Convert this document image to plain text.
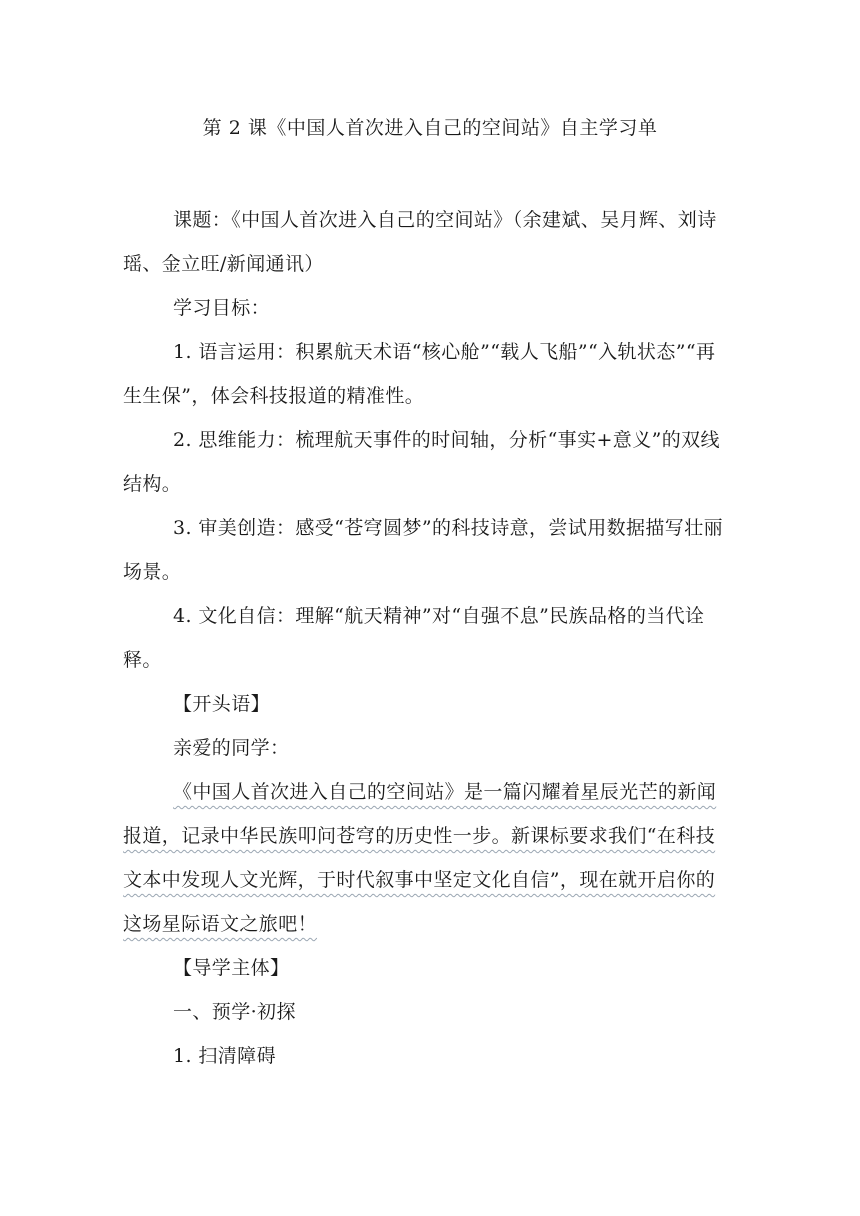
第 2 课《中国人首次进入自己的空间站》自主学习单

课题：《中国人首次进入自己的空间站》（余建斌、吴月辉、刘诗瑶、金立旺/新闻通讯）

学习目标：

1. 语言运用：积累航天术语“核心舱”“载人飞船”“入轨状态”“再生生保”，体会科技报道的精准性。

2. 思维能力：梳理航天事件的时间轴，分析“事实+意义”的双线结构。

3. 审美创造：感受“苍穹圆梦”的科技诗意，尝试用数据描写壮丽场景。

4. 文化自信：理解“航天精神”对“自强不息”民族品格的当代诠释。

【开头语】

亲爱的同学：

《中国人首次进入自己的空间站》是一篇闪耀着星辰光芒的新闻报道，记录中华民族叩问苍穹的历史性一步。新课标要求我们“在科技文本中发现人文光辉，于时代叙事中坚定文化自信”，现在就开启你的这场星际语文之旅吧！

【导学主体】

一、预学·初探

1. 扫清障碍
